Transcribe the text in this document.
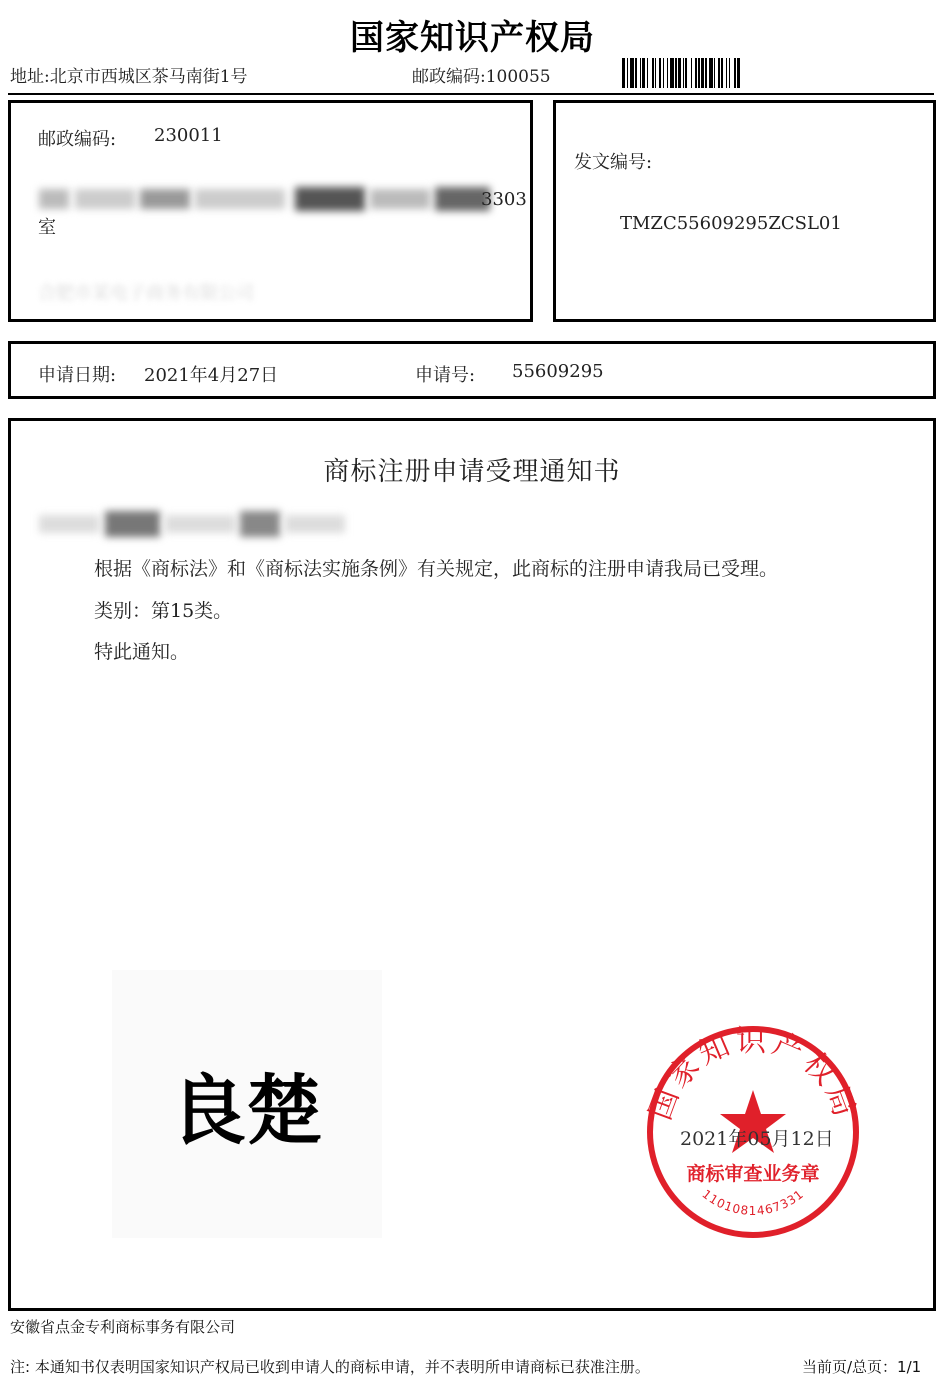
国家知识产权局
地址:北京市西城区茶马南街1号	邮政编码:100055
邮政编码: 230011
3303
室
合肥市某电子商务有限公司
发文编号:
TMZC55609295ZCSL01
申请日期: 2021年4月27日	申请号: 55609295
商标注册申请受理通知书
根据《商标法》和《商标法实施条例》有关规定，此商标的注册申请我局已受理。
类别：第15类。
特此通知。
良楚	国家知识产权局
商标审查业务章
1101081467331
2021年05月12日
安徽省点金专利商标事务有限公司
注: 本通知书仅表明国家知识产权局已收到申请人的商标申请，并不表明所申请商标已获准注册。	当前页/总页：1/1
